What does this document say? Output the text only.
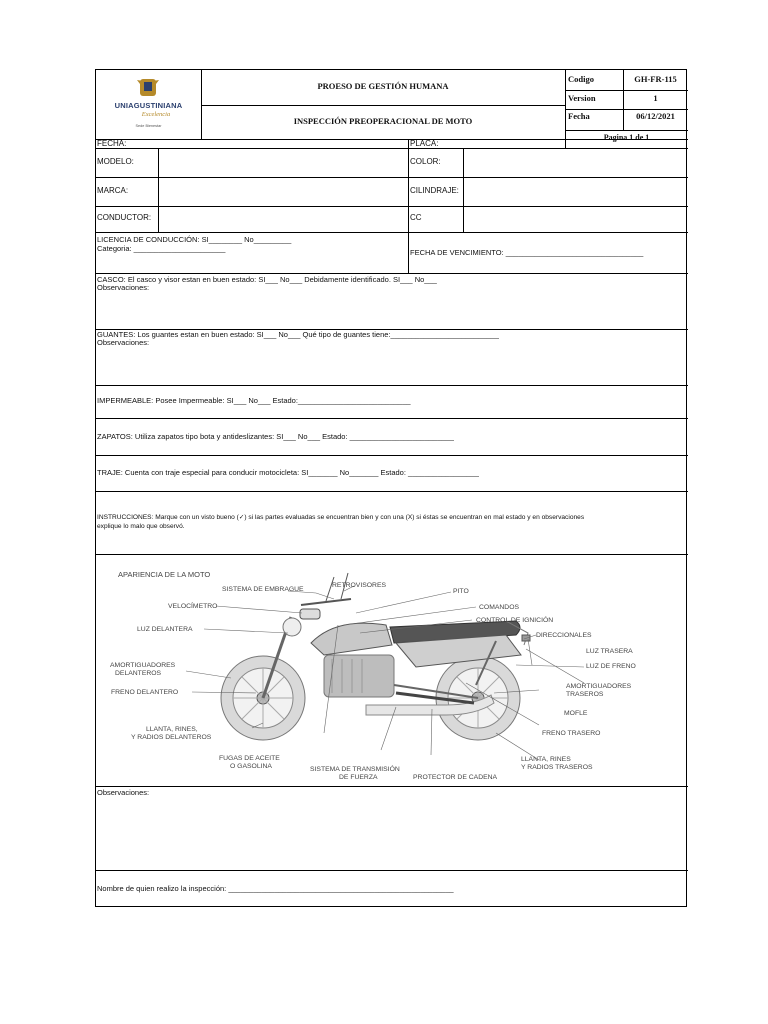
UNIAGUSTINIANA
Excelencia
Sede Bienestar
PROESO DE GESTIÓN HUMANA
INSPECCIÓN PREOPERACIONAL DE MOTO
Codigo	GH-FR-115
Version	1
Fecha	06/12/2021
Pagina 1 de 1
FECHA:	PLACA:
MODELO:	COLOR:
MARCA:	CILINDRAJE:
CONDUCTOR:	CC
LICENCIA DE CONDUCCIÓN: SI________ No_________
Categoria: ______________________	FECHA DE VENCIMIENTO: _________________________________
CASCO: El casco y visor estan en buen estado: SI___ No___ Debidamente identificado. SI___ No___
Observaciones:
GUANTES: Los guantes estan en buen estado: SI___ No___ Qué tipo de guantes tiene:__________________________
Observaciones:
IMPERMEABLE: Posee Impermeable: SI___ No___ Estado:___________________________
ZAPATOS: Utiliza zapatos tipo bota y antideslizantes: SI___ No___ Estado: _________________________
TRAJE: Cuenta con traje especial para conducir motocicleta: SI_______ No_______ Estado: _________________
INSTRUCCIONES: Marque con un visto bueno (✓) si las partes evaluadas se encuentran bien y con una (X) si éstas se encuentran en mal estado y en observaciones
explique lo malo que observó.
APARIENCIA DE LA MOTO
SISTEMA DE EMBRAGUE
RETROVISORES
PITO
VELOCÍMETRO	COMANDOS
CONTROL DE IGNICIÓN
LUZ DELANTERA
DIRECCIONALES
LUZ TRASERA
AMORTIGUADORES
DELANTEROS
LUZ DE FRENO
AMORTIGUADORES
TRASEROS
FRENO DELANTERO
MOFLE
LLANTA, RINES,
Y RADIOS DELANTEROS
FRENO TRASERO
FUGAS DE ACEITE
O GASOLINA	SISTEMA DE TRANSMISIÓN
DE FUERZA	PROTECTOR DE CADENA
LLANTA, RINES
Y RADIOS TRASEROS
Observaciones:
Nombre de quien realizo la inspección: ______________________________________________________
